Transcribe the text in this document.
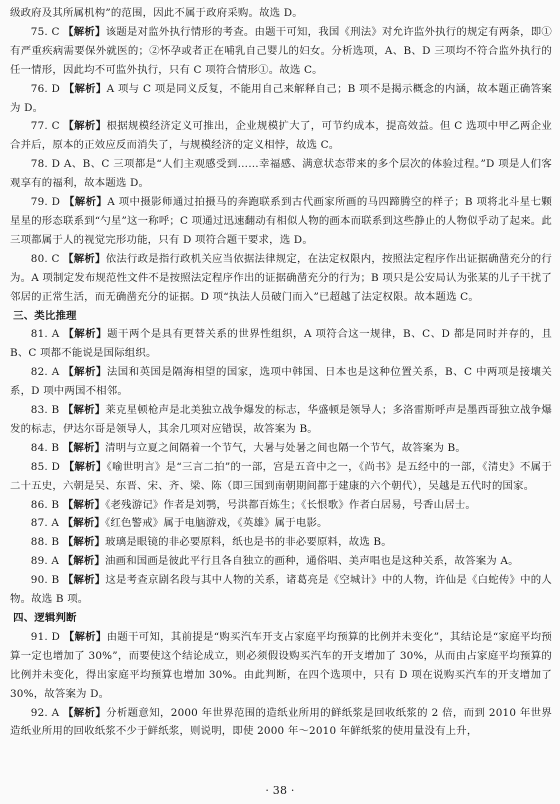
级政府及其所属机构”的范围，因此不属于政府采购。故选 D。

75. C 【解析】该题是对监外执行情形的考查。由题干可知，我国《刑法》对允许监外执行的规定有两条，即①有严重疾病需要保外就医的；②怀孕或者正在哺乳自己婴儿的妇女。分析选项，A、B、D 三项均不符合监外执行的任一情形，因此均不可监外执行，只有 C 项符合情形①。故选 C。

76. D 【解析】A 项与 C 项是同义反复，不能用自己来解释自己；B 项不是揭示概念的内涵，故本题正确答案为 D。

77. C 【解析】根据规模经济定义可推出，企业规模扩大了，可节约成本，提高效益。但 C 选项中甲乙两企业合并后，原本的正效应反而消失了，与规模经济的定义相悖，故选 C。

78. D A、B、C 三项都是“人们主观感受到……幸福感、满意状态带来的多个层次的体验过程。”D 项是人们客观享有的福利，故本题选 D。

79. D 【解析】A 项中摄影师通过拍摄马的奔跑联系到古代画家所画的马四蹄腾空的样子；B 项将北斗星七颗星星的形态联系到“勺星”这一称呼；C 项通过迅速翻动有相似人物的画本而联系到这些静止的人物似乎动了起来。此三项都属于人的视觉完形功能，只有 D 项符合题干要求，选 D。

80. C 【解析】依法行政是指行政机关应当依据法律规定，在法定权限内，按照法定程序作出证据确凿充分的行为。A 项制定发布规范性文件不是按照法定程序作出的证据确凿充分的行为；B 项只是公安局认为张某的儿子干扰了邻居的正常生活，而无确凿充分的证据。D 项“执法人员破门而入”已超越了法定权限。故本题选 C。

三、类比推理

81. A 【解析】题干两个是具有更替关系的世界性组织，A 项符合这一规律，B、C、D 都是同时并存的，且 B、C 项都不能说是国际组织。

82. A 【解析】法国和英国是隔海相望的国家，选项中韩国、日本也是这种位置关系，B、C 中两项是接壤关系，D 项中两国不相邻。

83. B 【解析】莱克星顿枪声是北美独立战争爆发的标志，华盛顿是领导人；多洛雷斯呼声是墨西哥独立战争爆发的标志，伊达尔哥是领导人，其余几项对应错误，故答案为 B。

84. B 【解析】清明与立夏之间隔着一个节气，大暑与处暑之间也隔一个节气，故答案为 B。

85. D 【解析】《喻世明言》是“三言二拍”的一部，宫是五音中之一，《尚书》是五经中的一部，《清史》不属于二十五史，六朝是吴、东晋、宋、齐、梁、陈（即三国到南朝期间都于建康的六个朝代），吴越是五代时的国家。

86. B 【解析】《老残游记》作者是刘鹗，号洪都百炼生；《长恨歌》作者白居易，号香山居士。

87. A 【解析】《红色警戒》属于电脑游戏，《英雄》属于电影。

88. B 【解析】玻璃是眼镜的非必要原料，纸也是书的非必要原料，故选 B。

89. A 【解析】油画和国画是彼此平行且各自独立的画种，通俗唱、美声唱也是这种关系，故答案为 A。

90. B 【解析】这是考查京剧名段与其中人物的关系，诸葛亮是《空城计》中的人物，许仙是《白蛇传》中的人物。故选 B 项。

四、逻辑判断

91. D 【解析】由题干可知，其前提是“购买汽车开支占家庭平均预算的比例并未变化”，其结论是“家庭平均预算一定也增加了 30%”，而要使这个结论成立，则必须假设购买汽车的开支增加了 30%，从而由占家庭平均预算的比例并未变化，得出家庭平均预算也增加 30%。由此判断，在四个选项中，只有 D 项在说购买汽车的开支增加了 30%，故答案为 D。

92. A 【解析】分析题意知，2000 年世界范围的造纸业所用的鲜纸浆是回收纸浆的 2 倍，而到 2010 年世界造纸业所用的回收纸浆不少于鲜纸浆，则说明，即使 2000 年～2010 年鲜纸浆的使用量没有上升，

· 38 ·
